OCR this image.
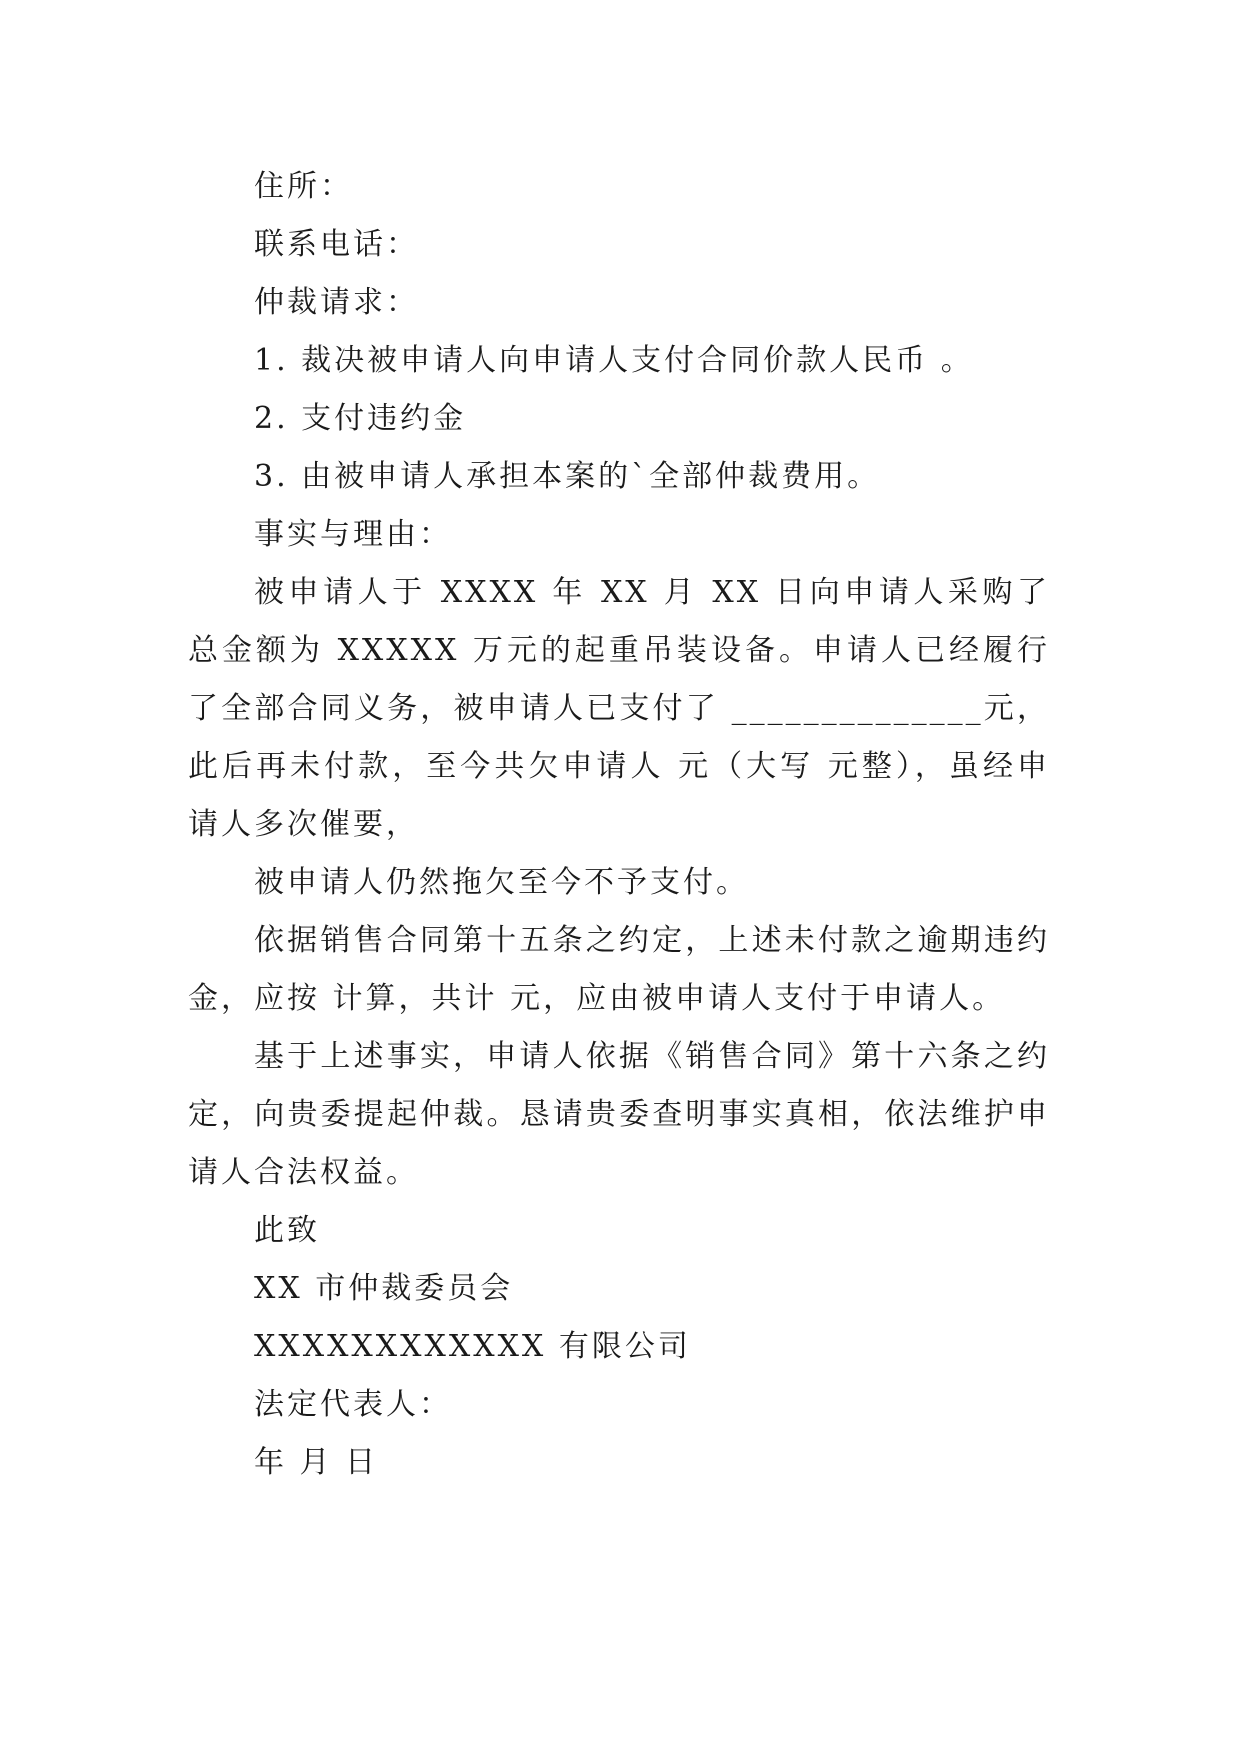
住所：

联系电话：

仲裁请求：

1. 裁决被申请人向申请人支付合同价款人民币 。

2. 支付违约金

3. 由被申请人承担本案的`全部仲裁费用。

事实与理由：

被申请人于 XXXX 年 XX 月 XX 日向申请人采购了总金额为 XXXXX 万元的起重吊装设备。申请人已经履行了全部合同义务，被申请人已支付了 ______________元，此后再未付款，至今共欠申请人 元（大写 元整），虽经申请人多次催要，

被申请人仍然拖欠至今不予支付。

依据销售合同第十五条之约定，上述未付款之逾期违约金，应按 计算，共计 元，应由被申请人支付于申请人。

基于上述事实，申请人依据《销售合同》第十六条之约定，向贵委提起仲裁。恳请贵委查明事实真相，依法维护申请人合法权益。

此致

XX 市仲裁委员会

XXXXXXXXXXXX 有限公司

法定代表人：

年 月 日
